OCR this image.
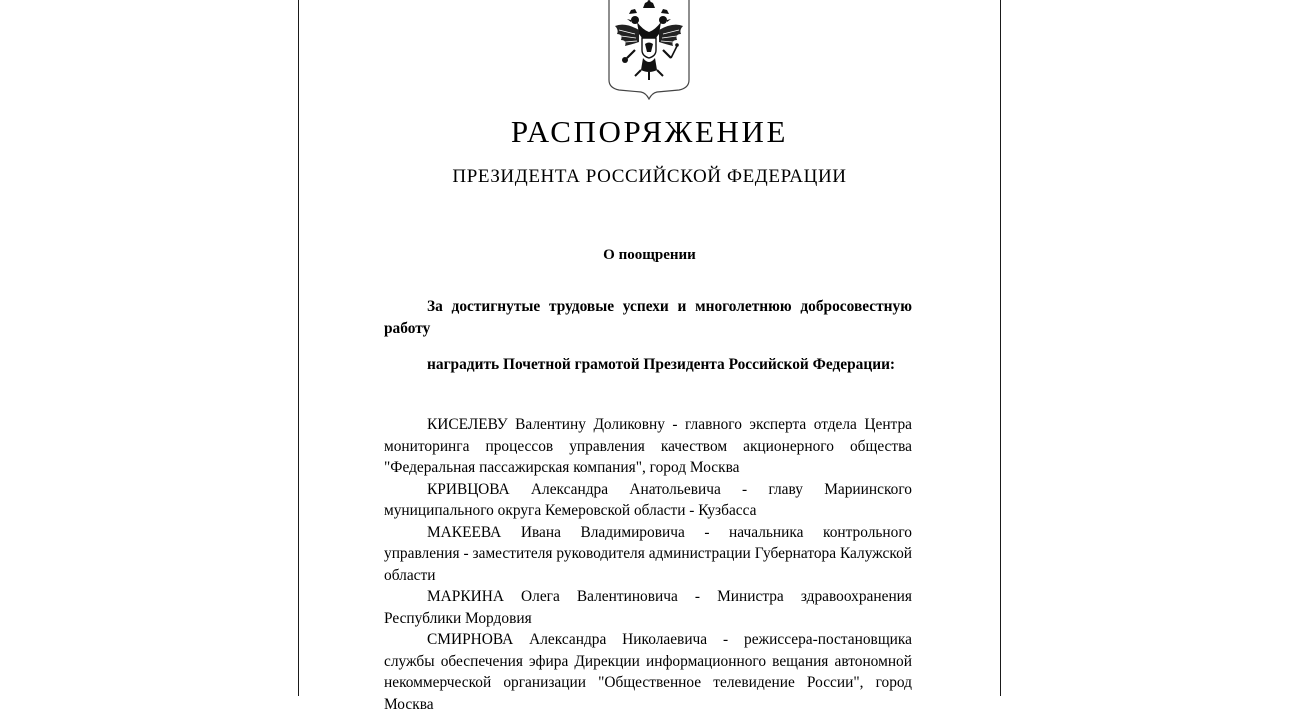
РАСПОРЯЖЕНИЕ
ПРЕЗИДЕНТА РОССИЙСКОЙ ФЕДЕРАЦИИ
О поощрении
За достигнутые трудовые успехи и многолетнюю добросовестную работу
наградить Почетной грамотой Президента Российской Федерации:
КИСЕЛЕВУ Валентину Доликовну - главного эксперта отдела Центра мониторинга процессов управления качеством акционерного общества "Федеральная пассажирская компания", город Москва
КРИВЦОВА Александра Анатольевича - главу Мариинского муниципального округа Кемеровской области - Кузбасса
МАКЕЕВА Ивана Владимировича - начальника контрольного управления - заместителя руководителя администрации Губернатора Калужской области
МАРКИНА Олега Валентиновича - Министра здравоохранения Республики Мордовия
СМИРНОВА Александра Николаевича - режиссера-постановщика службы обеспечения эфира Дирекции информационного вещания автономной некоммерческой организации "Общественное телевидение России", город Москва
